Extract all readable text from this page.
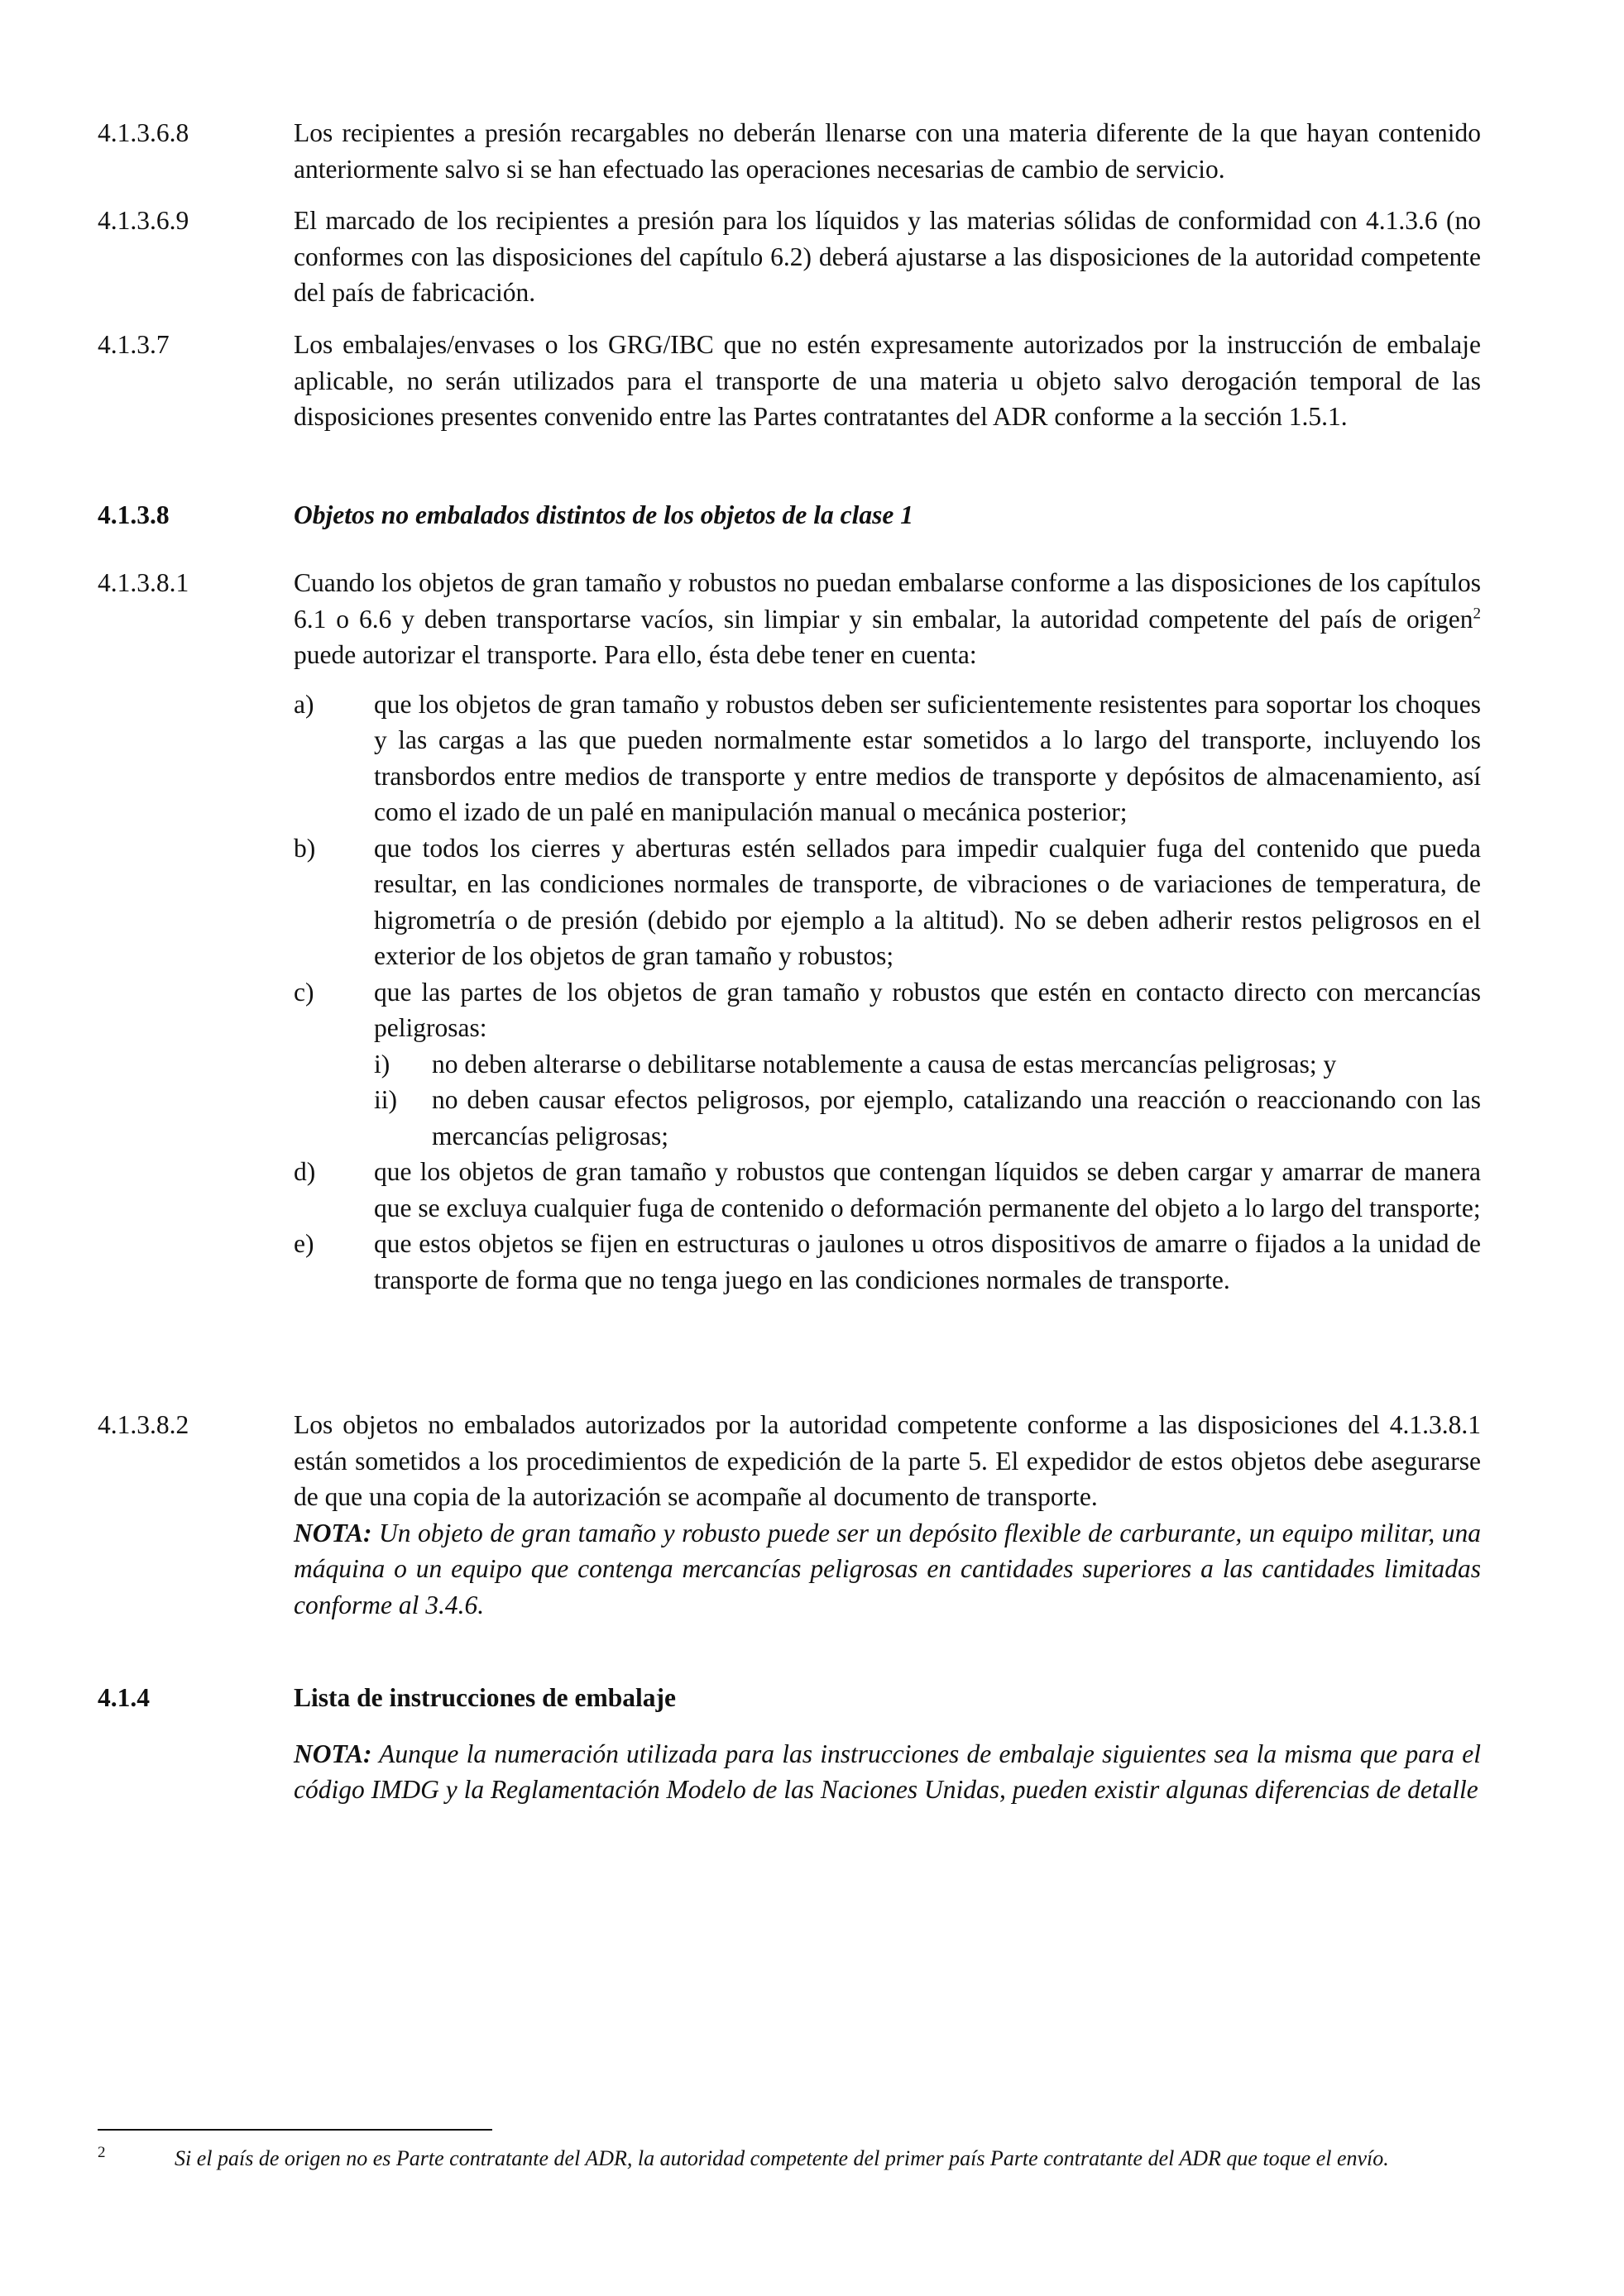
4.1.3.6.8	Los recipientes a presión recargables no deberán llenarse con una materia diferente de la que hayan contenido anteriormente salvo si se han efectuado las operaciones necesarias de cambio de servicio.
4.1.3.6.9	El marcado de los recipientes a presión para los líquidos y las materias sólidas de conformidad con 4.1.3.6 (no conformes con las disposiciones del capítulo 6.2) deberá ajustarse a las disposiciones de la autoridad competente del país de fabricación.
4.1.3.7	Los embalajes/envases o los GRG/IBC que no estén expresamente autorizados por la instrucción de embalaje aplicable, no serán utilizados para el transporte de una materia u objeto salvo derogación temporal de las disposiciones presentes convenido entre las Partes contratantes del ADR conforme a la sección 1.5.1.
4.1.3.8	Objetos no embalados distintos de los objetos de la clase 1
4.1.3.8.1	Cuando los objetos de gran tamaño y robustos no puedan embalarse conforme a las disposiciones de los capítulos 6.1 o 6.6 y deben transportarse vacíos, sin limpiar y sin embalar, la autoridad competente del país de origen$^2$ puede autorizar el transporte. Para ello, ésta debe tener en cuenta:
a) que los objetos de gran tamaño y robustos deben ser suficientemente resistentes para soportar los choques y las cargas a las que pueden normalmente estar sometidos a lo largo del transporte, incluyendo los transbordos entre medios de transporte y entre medios de transporte y depósitos de almacenamiento, así como el izado de un palé en manipulación manual o mecánica posterior;
b) que todos los cierres y aberturas estén sellados para impedir cualquier fuga del contenido que pueda resultar, en las condiciones normales de transporte, de vibraciones o de variaciones de temperatura, de higrometría o de presión (debido por ejemplo a la altitud). No se deben adherir restos peligrosos en el exterior de los objetos de gran tamaño y robustos;
c) que las partes de los objetos de gran tamaño y robustos que estén en contacto directo con mercancías peligrosas:
i) no deben alterarse o debilitarse notablemente a causa de estas mercancías peligrosas; y
ii) no deben causar efectos peligrosos, por ejemplo, catalizando una reacción o reaccionando con las mercancías peligrosas;
d) que los objetos de gran tamaño y robustos que contengan líquidos se deben cargar y amarrar de manera que se excluya cualquier fuga de contenido o deformación permanente del objeto a lo largo del transporte;
e) que estos objetos se fijen en estructuras o jaulones u otros dispositivos de amarre o fijados a la unidad de transporte de forma que no tenga juego en las condiciones normales de transporte.
4.1.3.8.2	Los objetos no embalados autorizados por la autoridad competente conforme a las disposiciones del 4.1.3.8.1 están sometidos a los procedimientos de expedición de la parte 5. El expedidor de estos objetos debe asegurarse de que una copia de la autorización se acompañe al documento de transporte.
NOTA: Un objeto de gran tamaño y robusto puede ser un depósito flexible de carburante, un equipo militar, una máquina o un equipo que contenga mercancías peligrosas en cantidades superiores a las cantidades limitadas conforme al 3.4.6.
4.1.4	Lista de instrucciones de embalaje
NOTA: Aunque la numeración utilizada para las instrucciones de embalaje siguientes sea la misma que para el código IMDG y la Reglamentación Modelo de las Naciones Unidas, pueden existir algunas diferencias de detalle
2	Si el país de origen no es Parte contratante del ADR, la autoridad competente del primer país Parte contratante del ADR que toque el envío.
